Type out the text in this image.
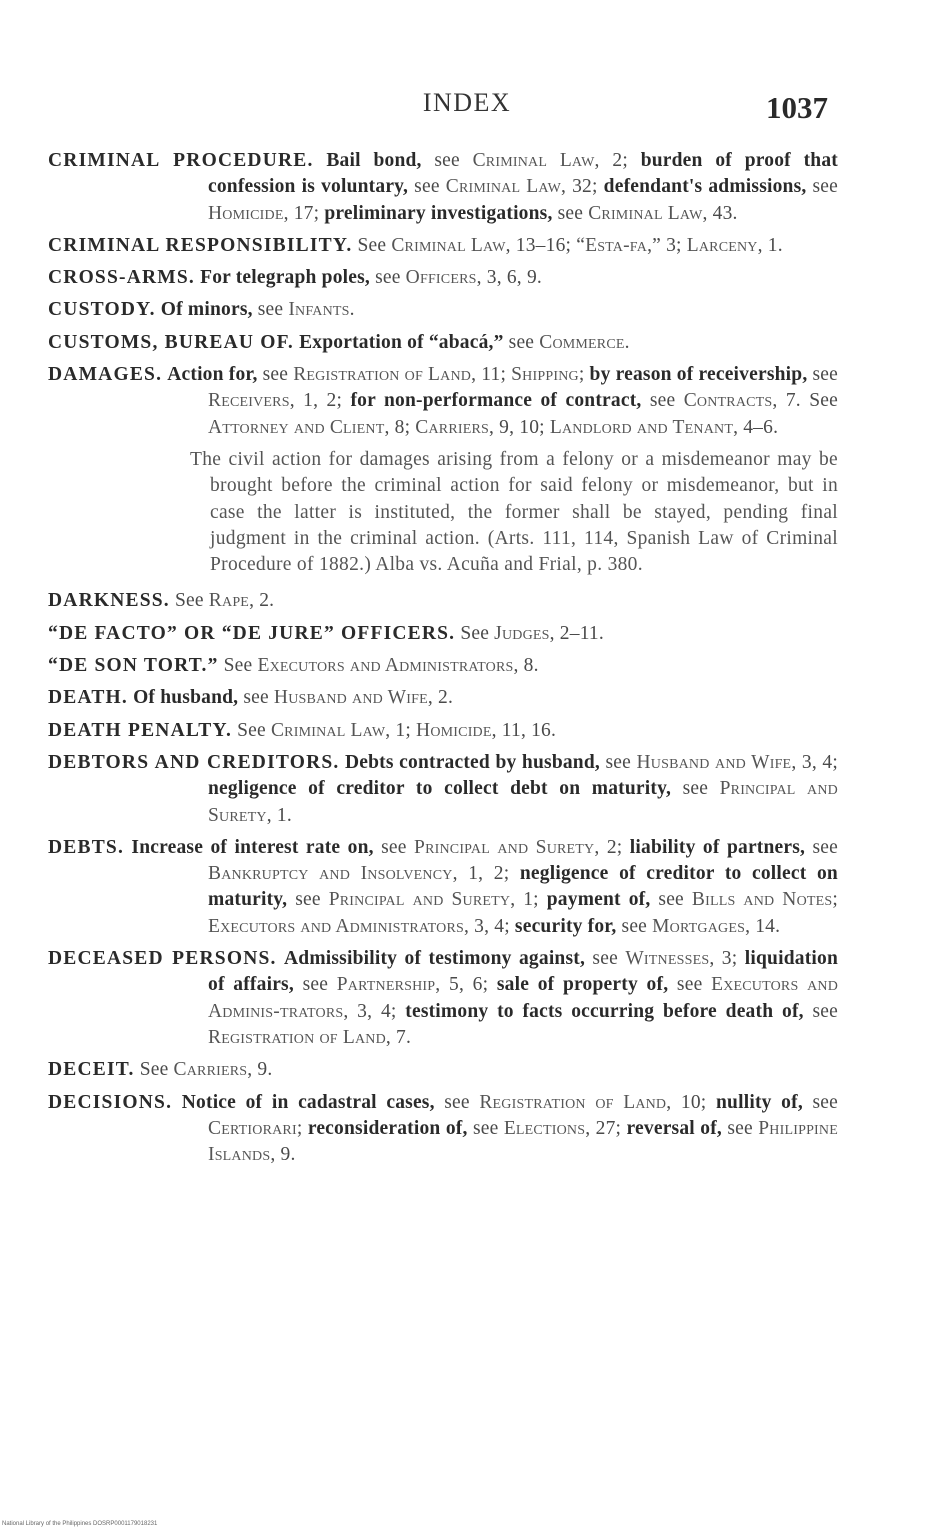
INDEX	1037
CRIMINAL PROCEDURE. Bail bond, see Criminal Law, 2; burden of proof that confession is voluntary, see Criminal Law, 32; defendant's admissions, see Homicide, 17; preliminary investigations, see Criminal Law, 43.
CRIMINAL RESPONSIBILITY. See Criminal Law, 13–16; “Esta-fa,” 3; Larceny, 1.
CROSS-ARMS. For telegraph poles, see Officers, 3, 6, 9.
CUSTODY. Of minors, see Infants.
CUSTOMS, BUREAU OF. Exportation of “abacá,” see Commerce.
DAMAGES. Action for, see Registration of Land, 11; Shipping; by reason of receivership, see Receivers, 1, 2; for non-performance of contract, see Contracts, 7. See Attorney and Client, 8; Carriers, 9, 10; Landlord and Tenant, 4–6.
The civil action for damages arising from a felony or a misdemeanor may be brought before the criminal action for said felony or misdemeanor, but in case the latter is instituted, the former shall be stayed, pending final judgment in the criminal action. (Arts. 111, 114, Spanish Law of Criminal Procedure of 1882.) Alba vs. Acuña and Frial, p. 380.
DARKNESS. See Rape, 2.
“DE FACTO” OR “DE JURE” OFFICERS. See Judges, 2–11.
“DE SON TORT.” See Executors and Administrators, 8.
DEATH. Of husband, see Husband and Wife, 2.
DEATH PENALTY. See Criminal Law, 1; Homicide, 11, 16.
DEBTORS AND CREDITORS. Debts contracted by husband, see Husband and Wife, 3, 4; negligence of creditor to collect debt on maturity, see Principal and Surety, 1.
DEBTS. Increase of interest rate on, see Principal and Surety, 2; liability of partners, see Bankruptcy and Insolvency, 1, 2; negligence of creditor to collect on maturity, see Principal and Surety, 1; payment of, see Bills and Notes; Executors and Administrators, 3, 4; security for, see Mortgages, 14.
DECEASED PERSONS. Admissibility of testimony against, see Witnesses, 3; liquidation of affairs, see Partnership, 5, 6; sale of property of, see Executors and Adminis-trators, 3, 4; testimony to facts occurring before death of, see Registration of Land, 7.
DECEIT. See Carriers, 9.
DECISIONS. Notice of in cadastral cases, see Registration of Land, 10; nullity of, see Certiorari; reconsideration of, see Elections, 27; reversal of, see Philippine Islands, 9.
National Library of the Philippines DOSRP0001179018231
